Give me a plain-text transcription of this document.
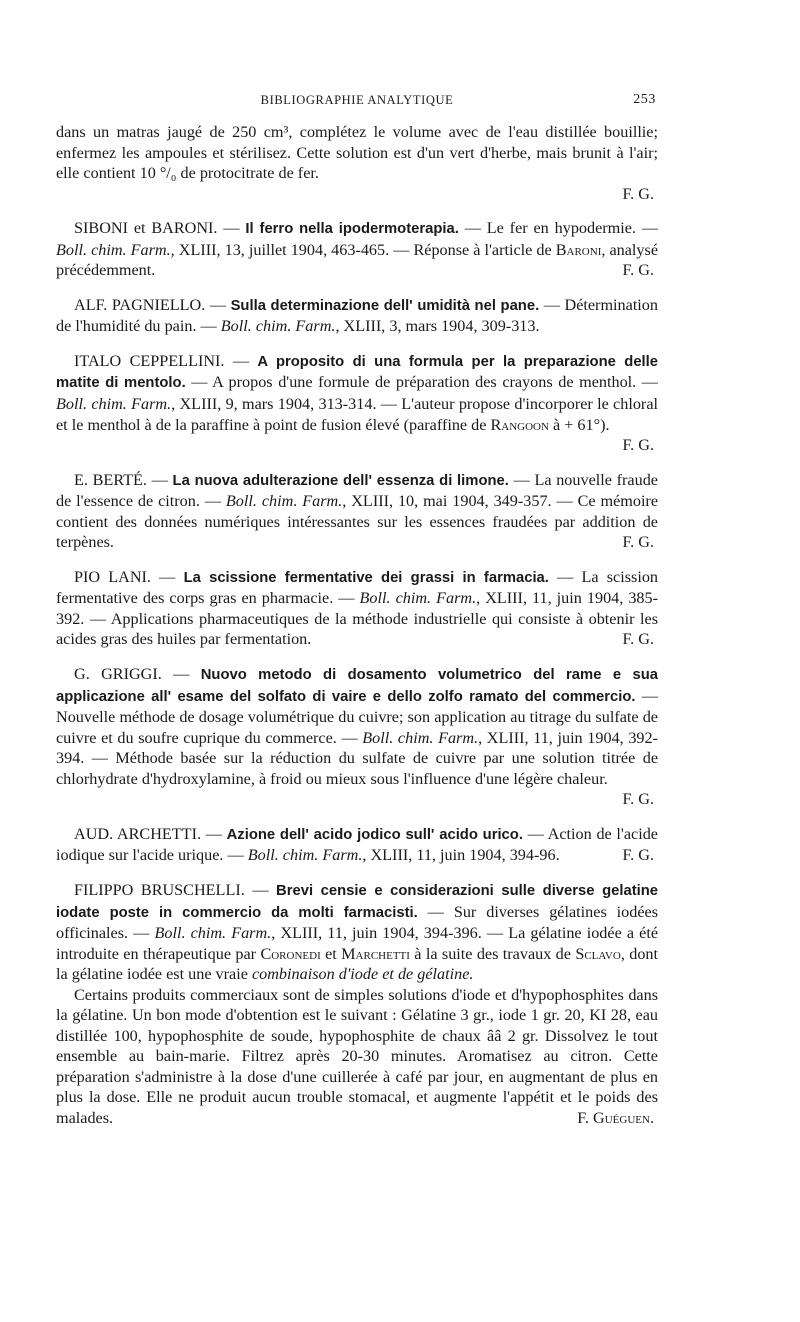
BIBLIOGRAPHIE ANALYTIQUE	253

dans un matras jaugé de 250 cm³, complétez le volume avec de l'eau distillée bouillie; enfermez les ampoules et stérilisez. Cette solution est d'un vert d'herbe, mais brunit à l'air; elle contient 10 °/₀ de protocitrate de fer.

F. G.

SIBONI et BARONI. — Il ferro nella ipodermoterapia. — Le fer en hypodermie. — Boll. chim. Farm., XLIII, 13, juillet 1904, 463-465. — Réponse à l'article de Baroni, analysé précédemment.	F. G.

ALF. PAGNIELLO. — Sulla determinazione dell' umidità nel pane. — Détermination de l'humidité du pain. — Boll. chim. Farm., XLIII, 3, mars 1904, 309-313.

ITALO CEPPELLINI. — A proposito di una formula per la preparazione delle matite di mentolo. — A propos d'une formule de préparation des crayons de menthol. — Boll. chim. Farm., XLIII, 9, mars 1904, 313-314. — L'auteur propose d'incorporer le chloral et le menthol à de la paraffine à point de fusion élevé (paraffine de Rangoon à + 61°).
F. G.

E. BERTÉ. — La nuova adulterazione dell' essenza di limone. — La nouvelle fraude de l'essence de citron. — Boll. chim. Farm., XLIII, 10, mai 1904, 349-357. — Ce mémoire contient des données numériques intéressantes sur les essences fraudées par addition de terpènes.	F. G.

PIO LANI. — La scissione fermentative dei grassi in farmacia. — La scission fermentative des corps gras en pharmacie. — Boll. chim. Farm., XLIII, 11, juin 1904, 385-392. — Applications pharmaceutiques de la méthode industrielle qui consiste à obtenir les acides gras des huiles par fermentation.	F. G.

G. GRIGGI. — Nuovo metodo di dosamento volumetrico del rame e sua applicazione all' esame del solfato di vaire e dello zolfo ramato del commercio. — Nouvelle méthode de dosage volumétrique du cuivre; son application au titrage du sulfate de cuivre et du soufre cuprique du commerce. — Boll. chim. Farm., XLIII, 11, juin 1904, 392-394. — Méthode basée sur la réduction du sulfate de cuivre par une solution titrée de chlorhydrate d'hydroxylamine, à froid ou mieux sous l'influence d'une légère chaleur.

F. G.

AUD. ARCHETTI. — Azione dell' acido jodico sull' acido urico. — Action de l'acide iodique sur l'acide urique. — Boll. chim. Farm., XLIII, 11, juin 1904, 394-96.	F. G.

FILIPPO BRUSCHELLI. — Brevi censie e considerazioni sulle diverse gelatine iodate poste in commercio da molti farmacisti. — Sur diverses gélatines iodées officinales. — Boll. chim. Farm., XLIII, 11, juin 1904, 394-396. — La gélatine iodée a été introduite en thérapeutique par Coronedi et Marchetti à la suite des travaux de Sclavo, dont la gélatine iodée est une vraie combinaison d'iode et de gélatine.

Certains produits commerciaux sont de simples solutions d'iode et d'hypophosphites dans la gélatine. Un bon mode d'obtention est le suivant : Gélatine 3 gr., iode 1 gr. 20, KI 28, eau distillée 100, hypophosphite de soude, hypophosphite de chaux ââ 2 gr. Dissolvez le tout ensemble au bain-marie. Filtrez après 20-30 minutes. Aromatisez au citron. Cette préparation s'administre à la dose d'une cuillerée à café par jour, en augmentant de plus en plus la dose. Elle ne produit aucun trouble stomacal, et augmente l'appétit et le poids des malades.	F. Guéguen.
